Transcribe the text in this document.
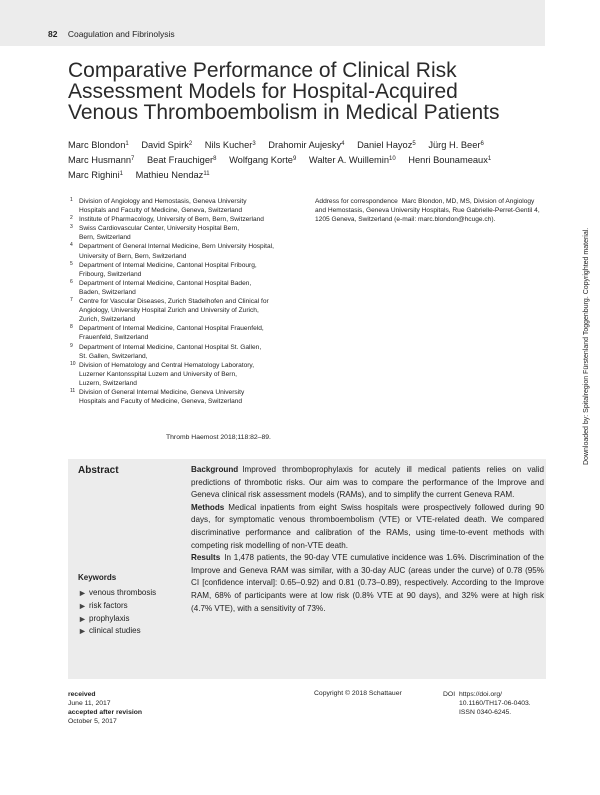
82 Coagulation and Fibrinolysis
Downloaded by: Spitalregion Fürstenland Toggenburg. Copyrighted material.
Comparative Performance of Clinical Risk
Assessment Models for Hospital-Acquired
Venous Thromboembolism in Medical Patients
Marc Blondon$^1$ David Spirk$^2$ Nils Kucher$^3$ Drahomir Aujesky$^4$ Daniel Hayoz$^5$ Jürg H. Beer$^6$
Marc Husmann$^7$ Beat Frauchiger$^8$ Wolfgang Korte$^9$ Walter A. Wuillemin$^{10}$ Henri Bounameaux$^1$
Marc Righini$^1$ Mathieu Nendaz$^{11}$
1 Division of Angiology and Hemostasis, Geneva University
Hospitals and Faculty of Medicine, Geneva, Switzerland
2 Institute of Pharmacology, University of Bern, Bern, Switzerland
3 Swiss Cardiovascular Center, University Hospital Bern,
Bern, Switzerland
4 Department of General Internal Medicine, Bern University Hospital,
University of Bern, Bern, Switzerland
5 Department of Internal Medicine, Cantonal Hospital Fribourg,
Fribourg, Switzerland
6 Department of Internal Medicine, Cantonal Hospital Baden,
Baden, Switzerland
7 Centre for Vascular Diseases, Zurich Stadelhofen and Clinical for
Angiology, University Hospital Zurich and University of Zurich,
Zurich, Switzerland
8 Department of Internal Medicine, Cantonal Hospital Frauenfeld,
Frauenfeld, Switzerland
9 Department of Internal Medicine, Cantonal Hospital St. Gallen,
St. Gallen, Switzerland,
10 Division of Hematology and Central Hematology Laboratory,
Luzerner Kantonsspital Luzern and University of Bern,
Luzern, Switzerland
11 Division of General Internal Medicine, Geneva University
Hospitals and Faculty of Medicine, Geneva, Switzerland
Address for correspondence Marc Blondon, MD, MS, Division of Angiology and Hemostasis, Geneva University Hospitals, Rue Gabrielle-Perret-Gentil 4, 1205 Geneva, Switzerland (e-mail: marc.blondon@hcuge.ch).
Thromb Haemost 2018;118:82–89.
Abstract	Background Improved thromboprophylaxis for acutely ill medical patients relies on valid predictions of thrombotic risks. Our aim was to compare the performance of the Improve and Geneva clinical risk assessment models (RAMs), and to simplify the current Geneva RAM.

Methods Medical inpatients from eight Swiss hospitals were prospectively followed during 90 days, for symptomatic venous thromboembolism (VTE) or VTE-related death. We compared discriminative performance and calibration of the RAMs, using time-to-event methods with competing risk modelling of non-VTE death.

Results In 1,478 patients, the 90-day VTE cumulative incidence was 1.6%. Discrimination of the Improve and Geneva RAM was similar, with a 30-day AUC (areas under the curve) of 0.78 (95% CI [confidence interval]: 0.65–0.92) and 0.81 (0.73–0.89), respectively. According to the Improve RAM, 68% of participants were at low risk (0.8% VTE at 90 days), and 32% were at high risk (4.7% VTE), with a sensitivity of 73%.

Keywords
► venous thrombosis
► risk factors
► prophylaxis
► clinical studies
received
June 11, 2017
accepted after revision
October 5, 2017
Copyright © 2018 Schattauer	DOI https://doi.org/
10.1160/TH17-06-0403.
ISSN 0340-6245.
